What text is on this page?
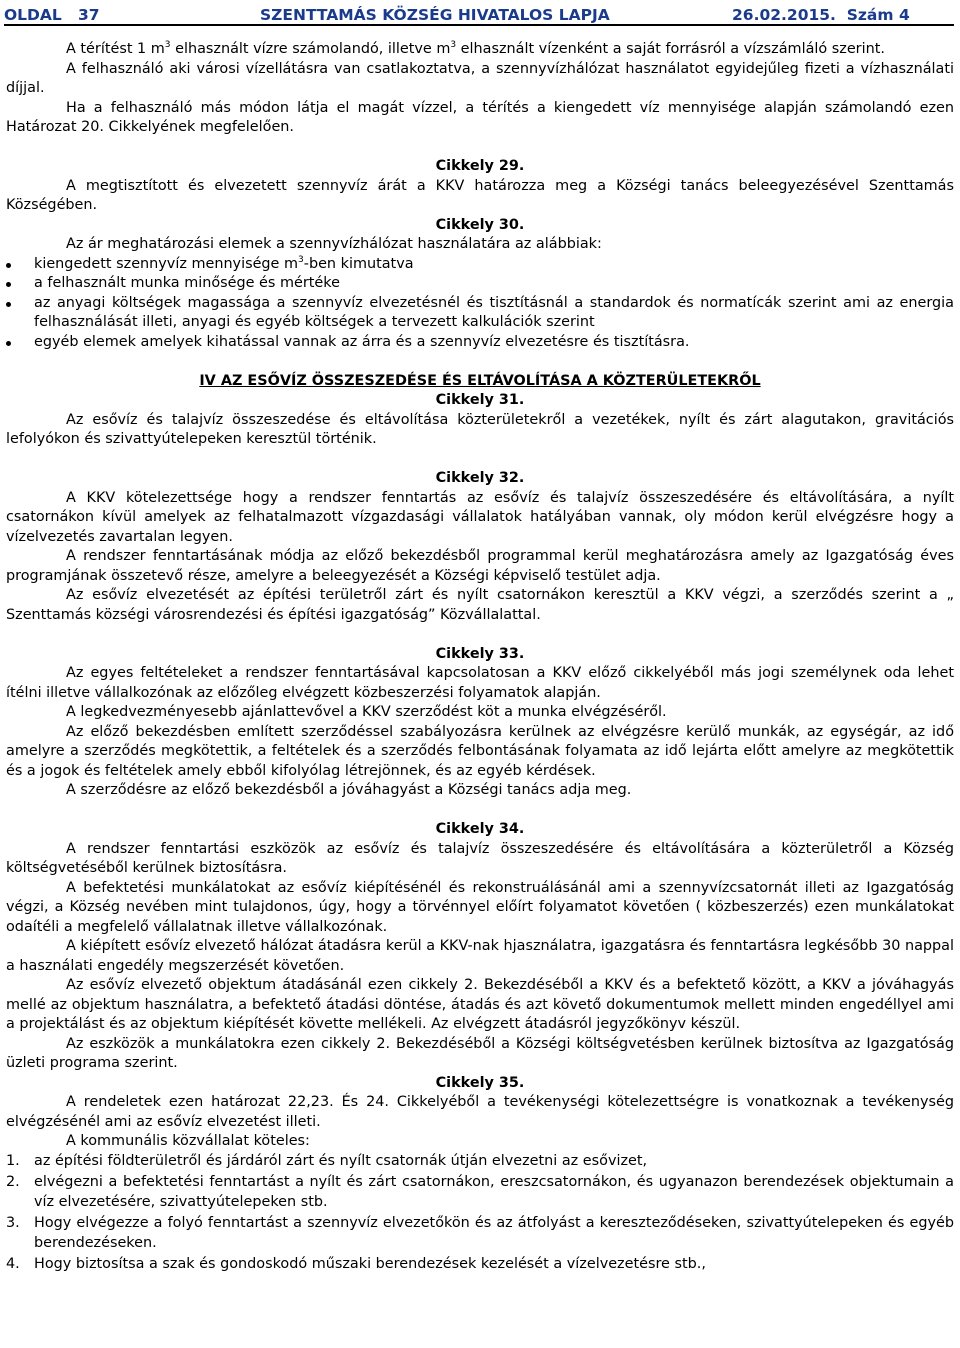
OLDAL 37	SZENTTAMÁS KÖZSÉG HIVATALOS LAPJA	26.02.2015. Szám 4

A térítést 1 $m^3$ elhasznált vízre számolandó, illetve $m^3$ elhasznált vízenként a saját forrásról a vízszámláló szerint.

A felhasználó aki városi vízellátásra van csatlakoztatva, a szennyvízhálózat használatot egyidejűleg fizeti a vízhasználati díjjal.

Ha a felhasználó más módon látja el magát vízzel, a térítés a kiengedett víz mennyisége alapján számolandó ezen Határozat 20. Cikkelyének megfelelően.

Cikkely 29.

A megtisztított és elvezetett szennyvíz árát a KKV határozza meg a Községi tanács beleegyezésével Szenttamás Községében.

Cikkely 30.

Az ár meghatározási elemek a szennyvízhálózat használatára az alábbiak:

kiengedett szennyvíz mennyisége $m^3$-ben kimutatva
a felhasznált munka minősége és mértéke
az anyagi költségek magassága a szennyvíz elvezetésnél és tisztításnál a standardok és normatícák szerint ami az energia felhasználását illeti, anyagi és egyéb költségek a tervezett kalkulációk szerint
egyéb elemek amelyek kihatással vannak az árra és a szennyvíz elvezetésre és tisztításra.
IV AZ ESŐVÍZ ÖSSZESZEDÉSE ÉS ELTÁVOLÍTÁSA A KÖZTERÜLETEKRŐL
Cikkely 31.

Az esővíz és talajvíz összeszedése és eltávolítása közterületekről a vezetékek, nyílt és zárt alagutakon, gravitációs lefolyókon és szivattyútelepeken keresztül történik.

Cikkely 32.

A KKV kötelezettsége hogy a rendszer fenntartás az esővíz és talajvíz összeszedésére és eltávolítására, a nyílt csatornákon kívül amelyek az felhatalmazott vízgazdasági vállalatok hatályában vannak, oly módon kerül elvégzésre hogy a vízelvezetés zavartalan legyen.

A rendszer fenntartásának módja az előző bekezdésből programmal kerül meghatározásra amely az Igazgatóság éves programjának összetevő része, amelyre a beleegyezését a Községi képviselő testület adja.

Az esővíz elvezetését az építési területről zárt és nyílt csatornákon keresztül a KKV végzi, a szerződés szerint a „ Szenttamás községi városrendezési és építési igazgatóság” Közvállalattal.

Cikkely 33.

Az egyes feltételeket a rendszer fenntartásával kapcsolatosan a KKV előző cikkelyéből más jogi személynek oda lehet ítélni illetve vállalkozónak az előzőleg elvégzett közbeszerzési folyamatok alapján.

A legkedvezményesebb ajánlattevővel a KKV szerződést köt a munka elvégzéséről.

Az előző bekezdésben említett szerződéssel szabályozásra kerülnek az elvégzésre kerülő munkák, az egységár, az idő amelyre a szerződés megkötettik, a feltételek és a szerződés felbontásának folyamata az idő lejárta előtt amelyre az megkötettik és a jogok és feltételek amely ebből kifolyólag létrejönnek, és az egyéb kérdések.

A szerződésre az előző bekezdésből a jóváhagyást a Községi tanács adja meg.

Cikkely 34.

A rendszer fenntartási eszközök az esővíz és talajvíz összeszedésére és eltávolítására a közterületről a Község költségvetéséből kerülnek biztosításra.

A befektetési munkálatokat az esővíz kiépítésénél és rekonstruálásánál ami a szennyvízcsatornát illeti az Igazgatóság végzi, a Község nevében mint tulajdonos, úgy, hogy a törvénnyel előírt folyamatot követően ( közbeszerzés) ezen munkálatokat odaítéli a megfelelő vállalatnak illetve vállalkozónak.

A kiépített esővíz elvezető hálózat átadásra kerül a KKV-nak hjasználatra, igazgatásra és fenntartásra legkésőbb 30 nappal a használati engedély megszerzését követően.

Az esővíz elvezető objektum átadásánál ezen cikkely 2. Bekezdéséből a KKV és a befektető között, a KKV a jóváhagyás mellé az objektum használatra, a befektető átadási döntése, átadás és azt követő dokumentumok mellett minden engedéllyel ami a projektálást és az objektum kiépítését követte mellékeli. Az elvégzett átadásról jegyzőkönyv készül.

Az eszközök a munkálatokra ezen cikkely 2. Bekezdéséből a Községi költségvetésben kerülnek biztosítva az Igazgatóság üzleti programa szerint.

Cikkely 35.

A rendeletek ezen határozat 22,23. És 24. Cikkelyéből a tevékenységi kötelezettségre is vonatkoznak a tevékenység elvégzésénél ami az esővíz elvezetést illeti.

A kommunális közvállalat köteles:

1. az építési földterületről és járdáról zárt és nyílt csatornák útján elvezetni az esővizet,
2. elvégezni a befektetési fenntartást a nyílt és zárt csatornákon, ereszcsatornákon, és ugyanazon berendezések objektumain a víz elvezetésére, szivattyútelepeken stb.
3. Hogy elvégezze a folyó fenntartást a szennyvíz elvezetőkön és az átfolyást a kereszteződéseken, szivattyútelepeken és egyéb berendezéseken.
4. Hogy biztosítsa a szak és gondoskodó műszaki berendezések kezelését a vízelvezetésre stb.,
